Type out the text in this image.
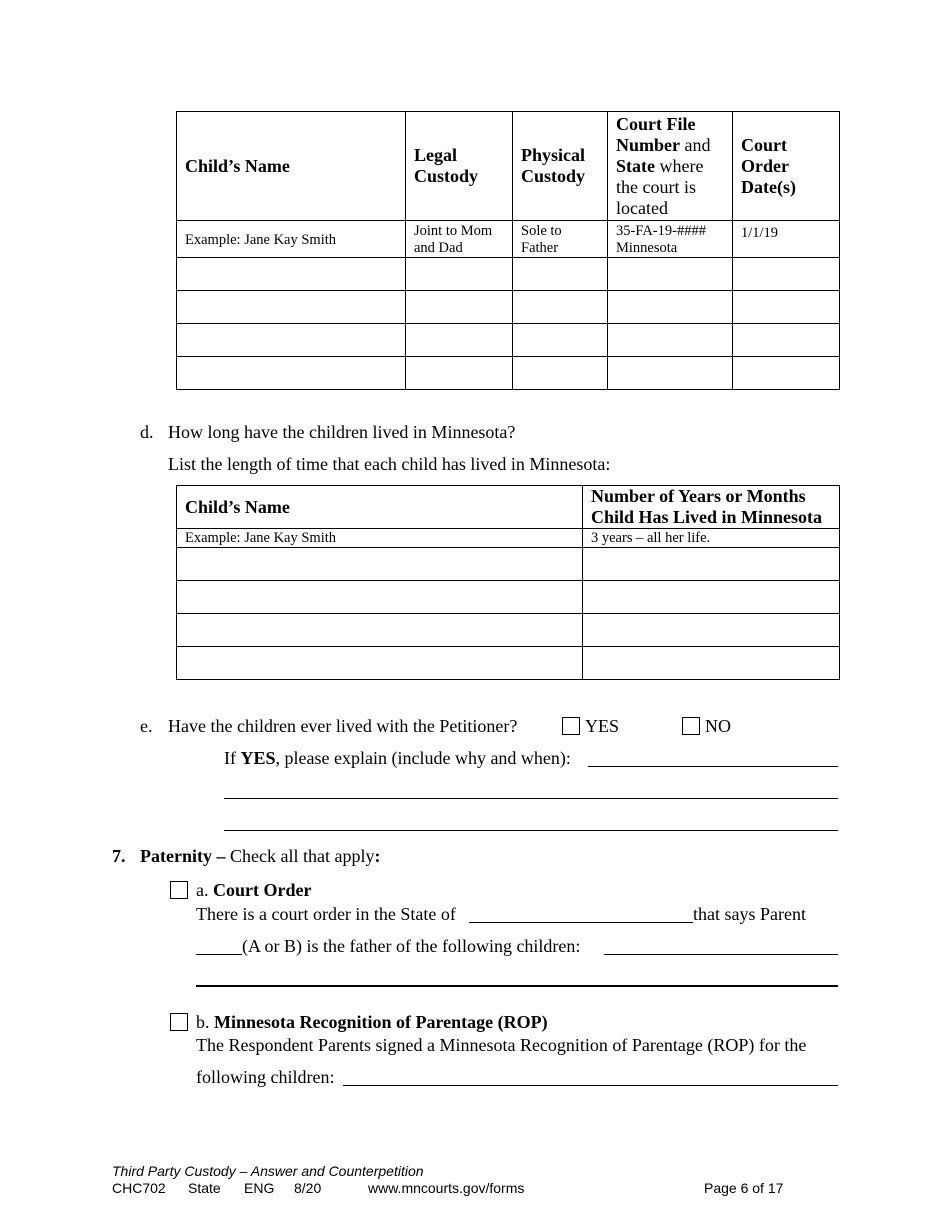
Child’s Name	Legal Custody	Physical Custody	Court File Number and State where the court is located	Court Order Date(s)
Example: Jane Kay Smith	Joint to Mom and Dad	Sole to Father	35-FA-19-#### Minnesota	1/1/19

d. How long have the children lived in Minnesota?
List the length of time that each child has lived in Minnesota:
Child’s Name	Number of Years or Months Child Has Lived in Minnesota
Example: Jane Kay Smith	3 years – all her life.

e. Have the children ever lived with the Petitioner?	YES	NO
If YES, please explain (include why and when):
7. Paternity – Check all that apply:
a. Court Order
There is a court order in the State of	that says Parent
(A or B) is the father of the following children:
b. Minnesota Recognition of Parentage (ROP)
The Respondent Parents signed a Minnesota Recognition of Parentage (ROP) for the
following children:
Third Party Custody – Answer and Counterpetition
CHC702 State ENG 8/20	www.mncourts.gov/forms	Page 6 of 17
